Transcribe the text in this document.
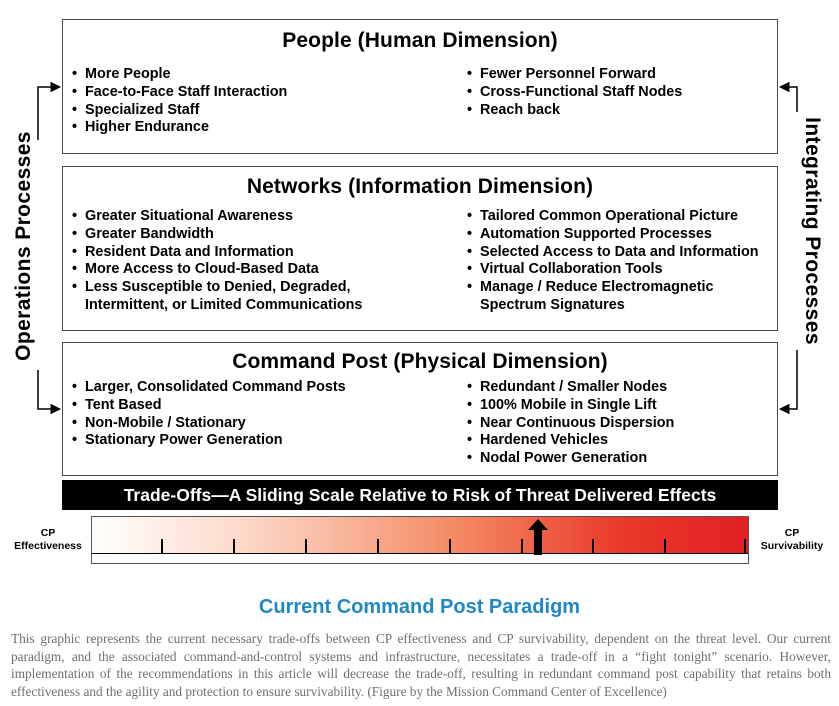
Operations Processes	Integrating Processes
People (Human Dimension)
• More People
• Face-to-Face Staff Interaction
• Specialized Staff
• Higher Endurance
• Fewer Personnel Forward
• Cross-Functional Staff Nodes
• Reach back
Networks (Information Dimension)
• Greater Situational Awareness
• Greater Bandwidth
• Resident Data and Information
• More Access to Cloud-Based Data
• Less Susceptible to Denied, Degraded,
Intermittent, or Limited Communications
• Tailored Common Operational Picture
• Automation Supported Processes
• Selected Access to Data and Information
• Virtual Collaboration Tools
• Manage / Reduce Electromagnetic
Spectrum Signatures
Command Post (Physical Dimension)
• Larger, Consolidated Command Posts
• Tent Based
• Non-Mobile / Stationary
• Stationary Power Generation
• Redundant / Smaller Nodes
• 100% Mobile in Single Lift
• Near Continuous Dispersion
• Hardened Vehicles
• Nodal Power Generation
Trade-Offs—A Sliding Scale Relative to Risk of Threat Delivered Effects
CP
Effectiveness
CP
Survivability
Current Command Post Paradigm

This graphic represents the current necessary trade-offs between CP effectiveness and CP survivability, dependent on the threat level. Our current paradigm, and the associated command-and-control systems and infrastructure, necessitates a trade-off in a “fight tonight” scenario. However, implementation of the recommendations in this article will decrease the trade-off, resulting in redundant command post capability that retains both effectiveness and the agility and protection to ensure survivability. (Figure by the Mission Command Center of Excellence)
